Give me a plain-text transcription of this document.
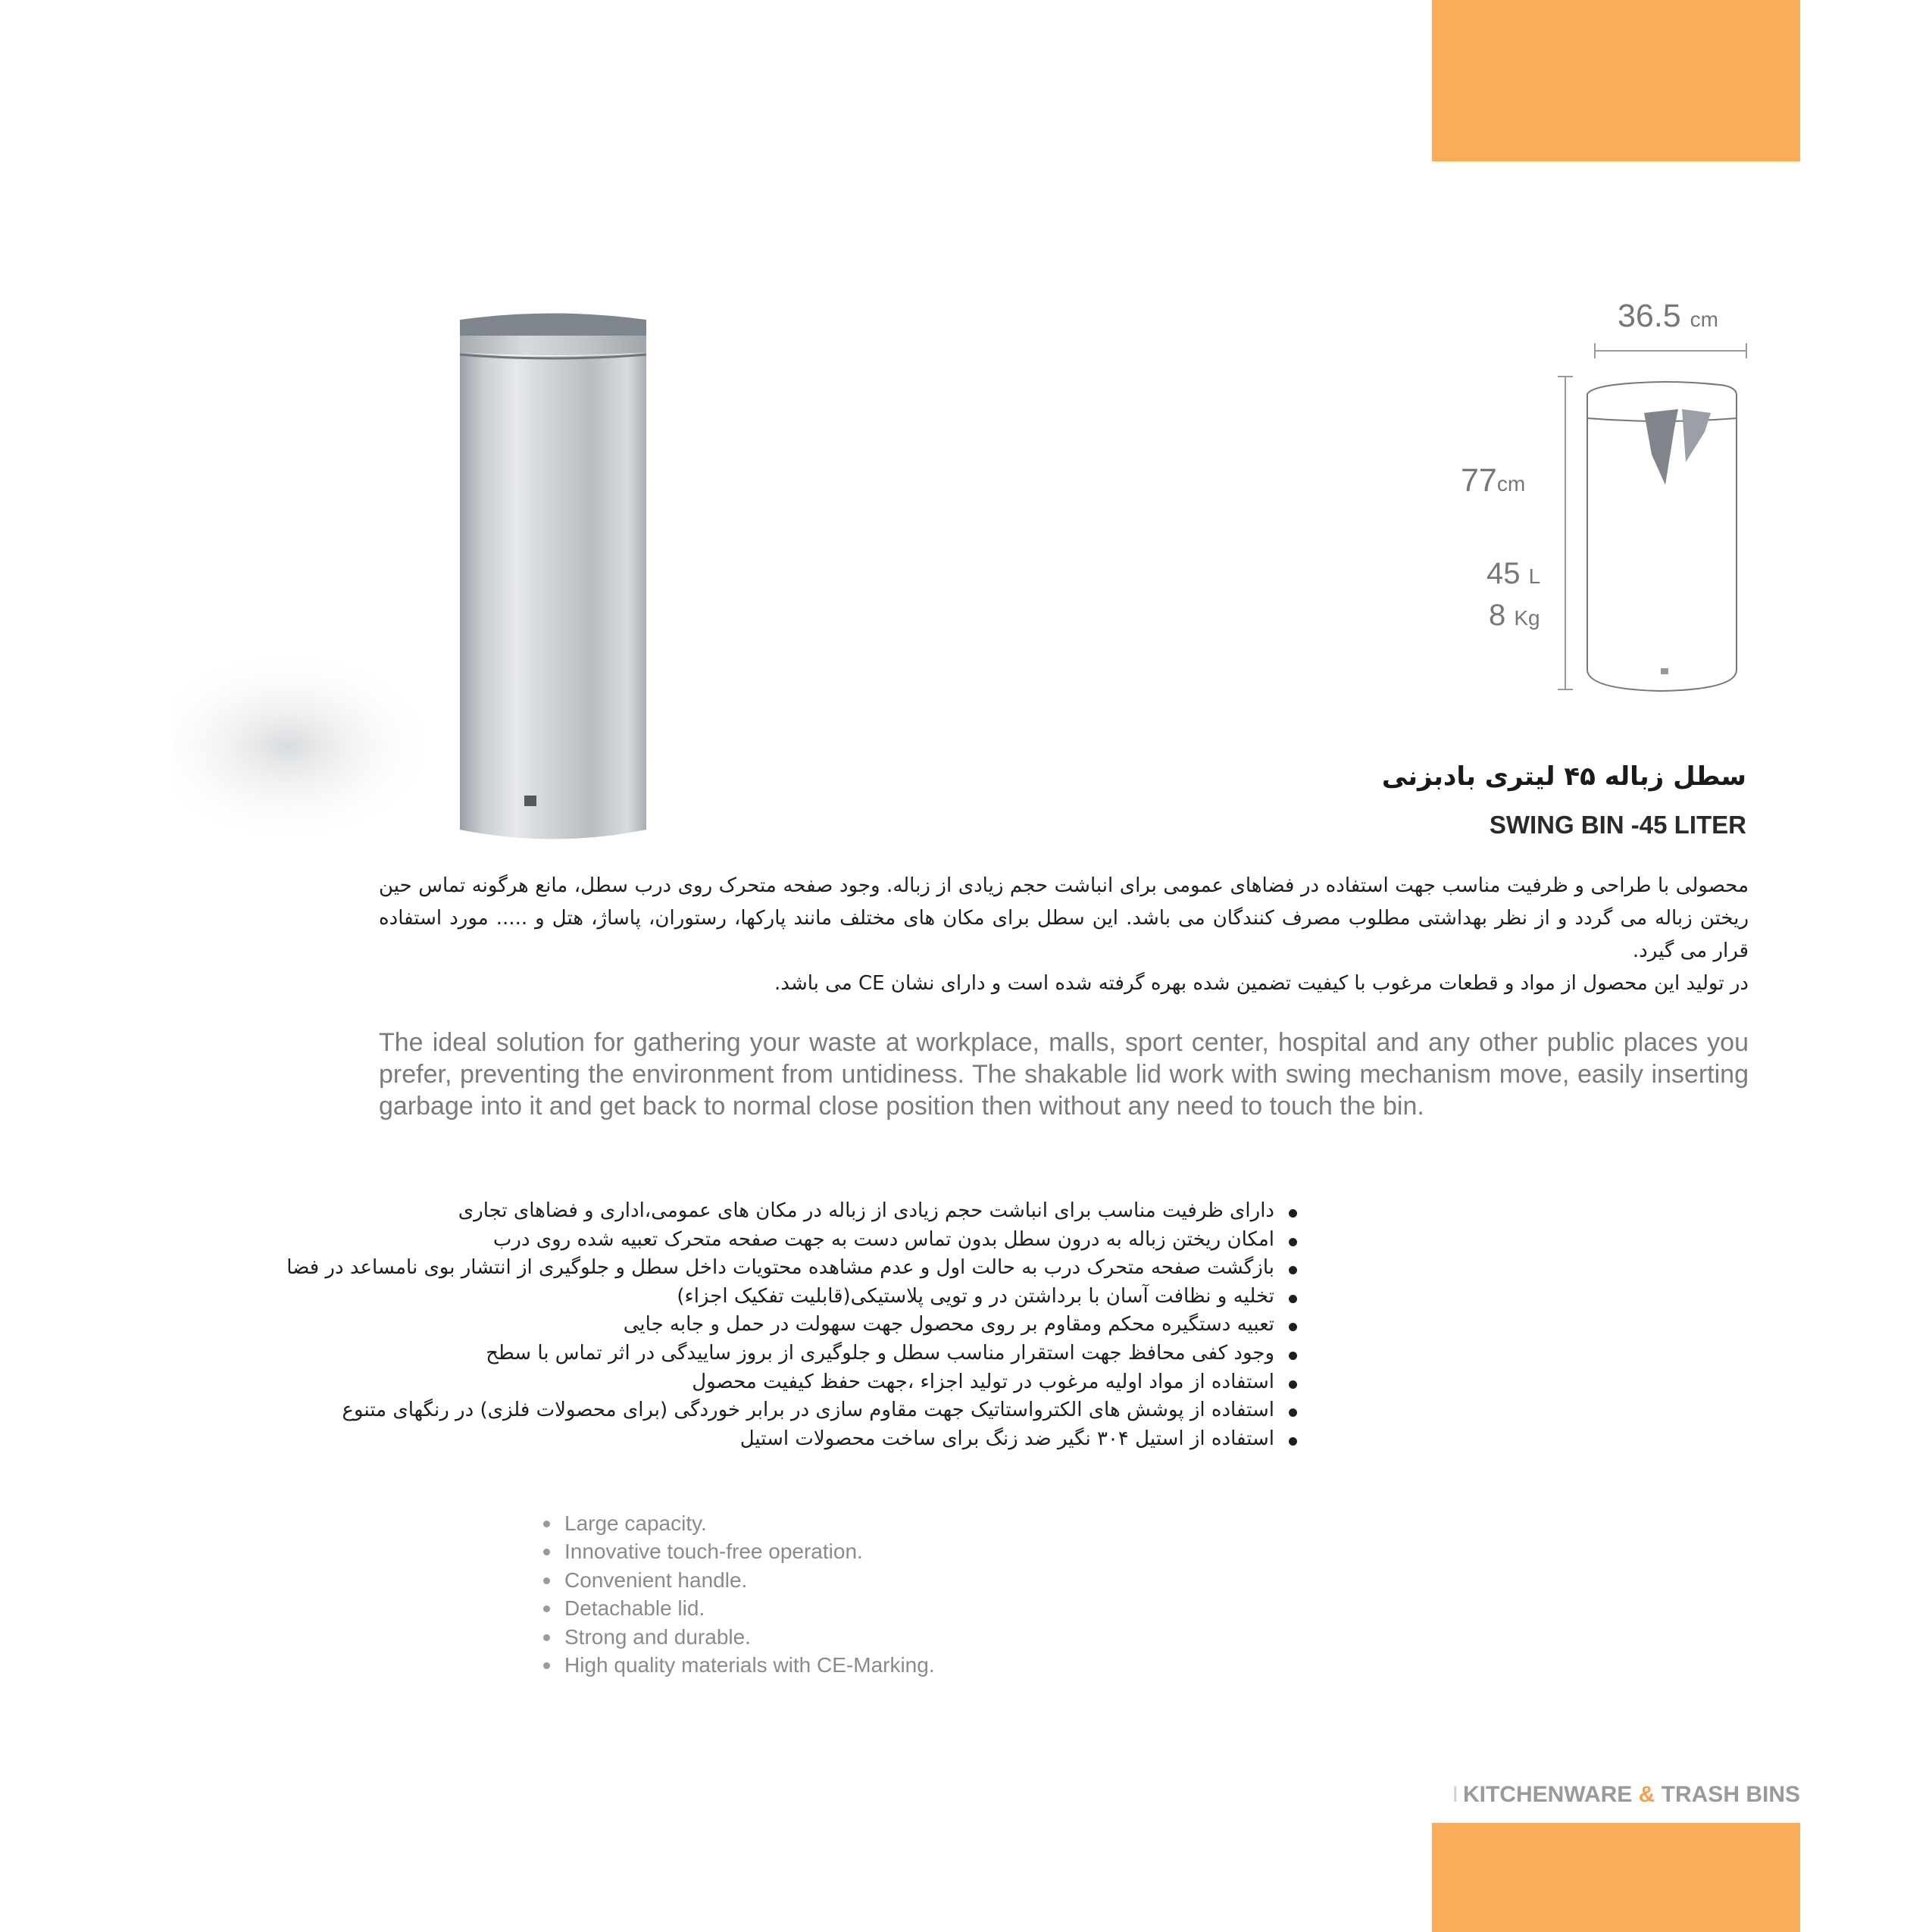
36.5 cm
77cm
45 L
8 Kg
سطل زباله ۴۵ لیتری بادبزنی
SWING BIN -45 LITER

محصولی با طراحی و ظرفیت مناسب جهت استفاده در فضاهای عمومی برای انباشت حجم زیادی از زباله. وجود صفحه متحرک روی درب سطل، مانع هرگونه تماس حین ریختن زباله می گردد و از نظر بهداشتی مطلوب مصرف کنندگان می باشد. این سطل برای مکان های مختلف مانند پارکها، رستوران، پاساژ، هتل و ..... مورد استفاده قرار می گیرد.

در تولید این محصول از مواد و قطعات مرغوب با کیفیت تضمین شده بهره گرفته شده است و دارای نشان CE می باشد.

The ideal solution for gathering your waste at workplace, malls, sport center, hospital and any other public places you prefer, preventing the environment from untidiness. The shakable lid work with swing mechanism move, easily inserting garbage into it and get back to normal close position then without any need to touch the bin.

دارای ظرفیت مناسب برای انباشت حجم زیادی از زباله در مکان های عمومی،اداری و فضاهای تجاری
امکان ریختن زباله به درون سطل بدون تماس دست به جهت صفحه متحرک تعبیه شده روی درب
بازگشت صفحه متحرک درب به حالت اول و عدم مشاهده محتویات داخل سطل و جلوگیری از انتشار بوی نامساعد در فضا
تخلیه و نظافت آسان با برداشتن در و تویی پلاستیکی(قابلیت تفکیک اجزاء)
تعبیه دستگیره محکم ومقاوم بر روی محصول جهت سهولت در حمل و جابه جایی
وجود کفی محافظ جهت استقرار مناسب سطل و جلوگیری از بروز ساییدگی در اثر تماس با سطح
استفاده از مواد اولیه مرغوب در تولید اجزاء ،جهت حفظ کیفیت محصول
استفاده از پوشش های الکترواستاتیک جهت مقاوم سازی در برابر خوردگی (برای محصولات فلزی) در رنگهای متنوع
استفاده از استیل ۳۰۴ نگیر ضد زنگ برای ساخت محصولات استیل
Large capacity.
Innovative touch-free operation.
Convenient handle.
Detachable lid.
Strong and durable.
High quality materials with CE-Marking.
I KITCHENWARE & TRASH BINS
